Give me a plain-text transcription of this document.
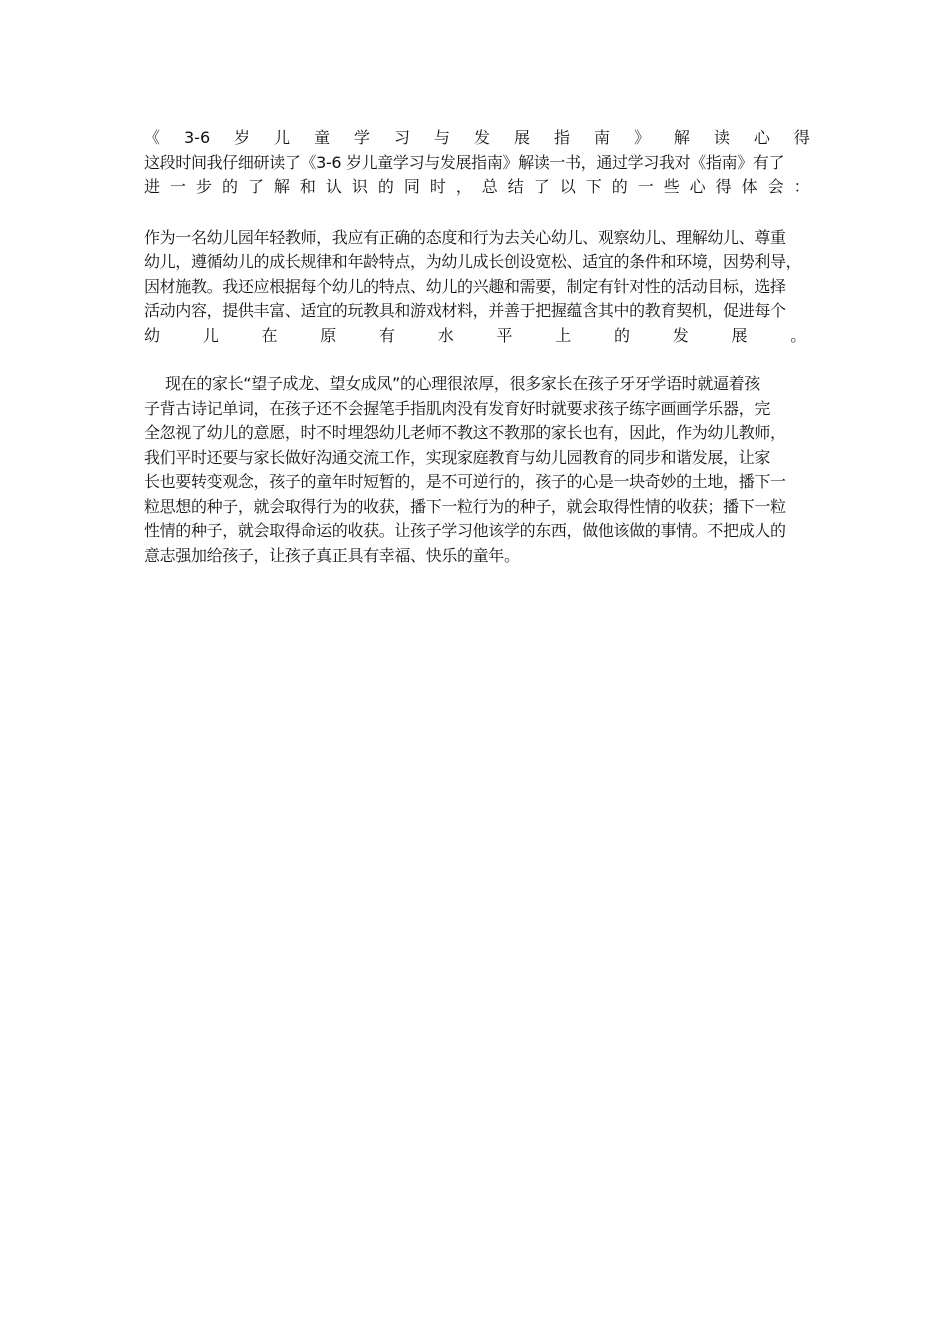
《 3-6 岁 儿 童 学 习 与 发 展 指 南 》 解 读 心 得
这段时间我仔细研读了《3-6 岁儿童学习与发展指南》解读一书，通过学习我对《指南》有了
进 一 步 的 了 解 和 认 识 的 同 时 ， 总 结 了 以 下 的 一 些 心 得 体 会 ：
作为一名幼儿园年轻教师，我应有正确的态度和行为去关心幼儿、观察幼儿、理解幼儿、尊重
幼儿，遵循幼儿的成长规律和年龄特点，为幼儿成长创设宽松、适宜的条件和环境，因势利导，
因材施教。我还应根据每个幼儿的特点、幼儿的兴趣和需要，制定有针对性的活动目标，选择
活动内容，提供丰富、适宜的玩教具和游戏材料，并善于把握蕴含其中的教育契机，促进每个
幼	儿	在	原	有	水	平	上	的	发	展	。
现在的家长“望子成龙、望女成凤”的心理很浓厚，很多家长在孩子牙牙学语时就逼着孩
子背古诗记单词，在孩子还不会握笔手指肌肉没有发育好时就要求孩子练字画画学乐器，完
全忽视了幼儿的意愿，时不时埋怨幼儿老师不教这不教那的家长也有，因此，作为幼儿教师，
我们平时还要与家长做好沟通交流工作，实现家庭教育与幼儿园教育的同步和谐发展，让家
长也要转变观念，孩子的童年时短暂的，是不可逆行的，孩子的心是一块奇妙的土地，播下一
粒思想的种子，就会取得行为的收获，播下一粒行为的种子，就会取得性情的收获；播下一粒
性情的种子，就会取得命运的收获。让孩子学习他该学的东西，做他该做的事情。不把成人的
意志强加给孩子，让孩子真正具有幸福、快乐的童年。
